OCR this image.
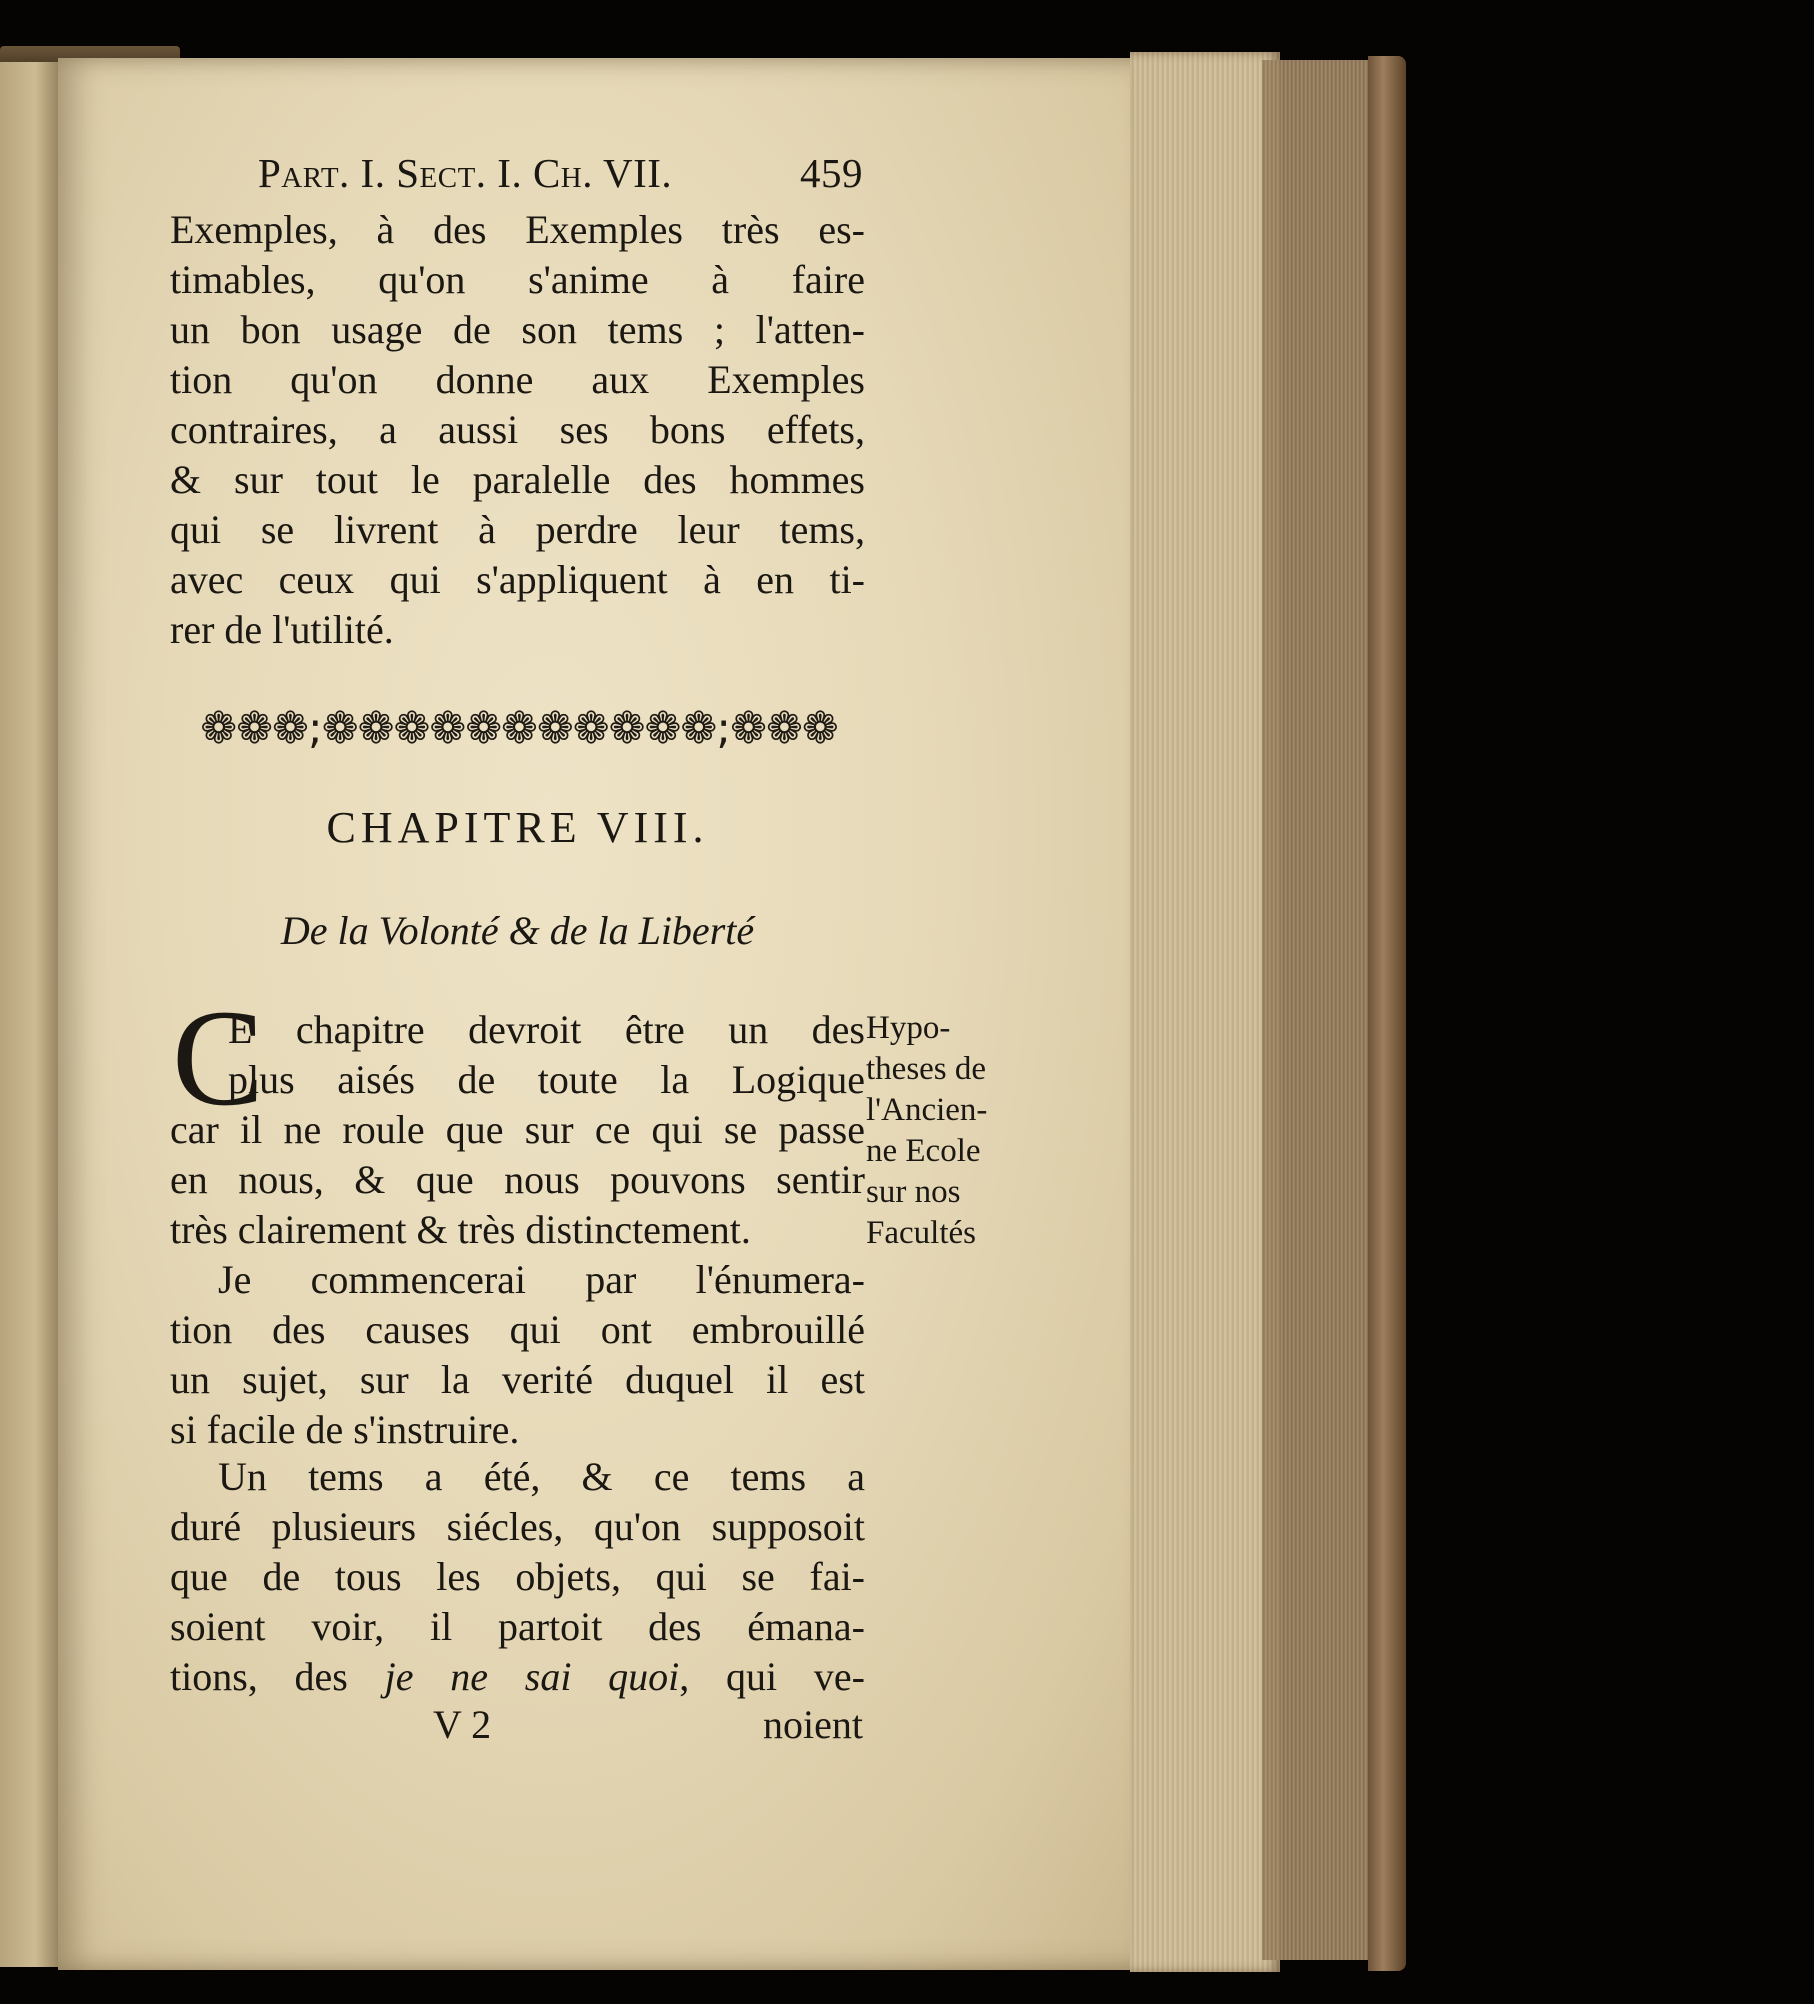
Part. I. Sect. I. Ch. VII.	459
Exemples, à des Exemples très es-
timables, qu'on s'anime à faire
un bon usage de son tems ; l'atten-
tion qu'on donne aux Exemples
contraires, a aussi ses bons effets,
& sur tout le paralelle des hommes
qui se livrent à perdre leur tems,
avec ceux qui s'appliquent à en ti-
rer de l'utilité.
❁❁❁;❁❁❁❁❁❁❁❁❁❁❁;❁❁❁
CHAPITRE VIII.
De la Volonté & de la Liberté
C
E chapitre devroit être un des
plus aisés de toute la Logique
car il ne roule que sur ce qui se passe
en nous, & que nous pouvons sentir
très clairement & très distinctement.
Hypo-
theses de
l'Ancien-
ne Ecole
sur nos
Facultés
Je commencerai par l'énumera-
tion des causes qui ont embrouillé
un sujet, sur la verité duquel il est
si facile de s'instruire.
Un tems a été, & ce tems a
duré plusieurs siécles, qu'on supposoit
que de tous les objets, qui se fai-
soient voir, il partoit des émana-
tions, des je ne sai quoi, qui ve-
V 2	noient
